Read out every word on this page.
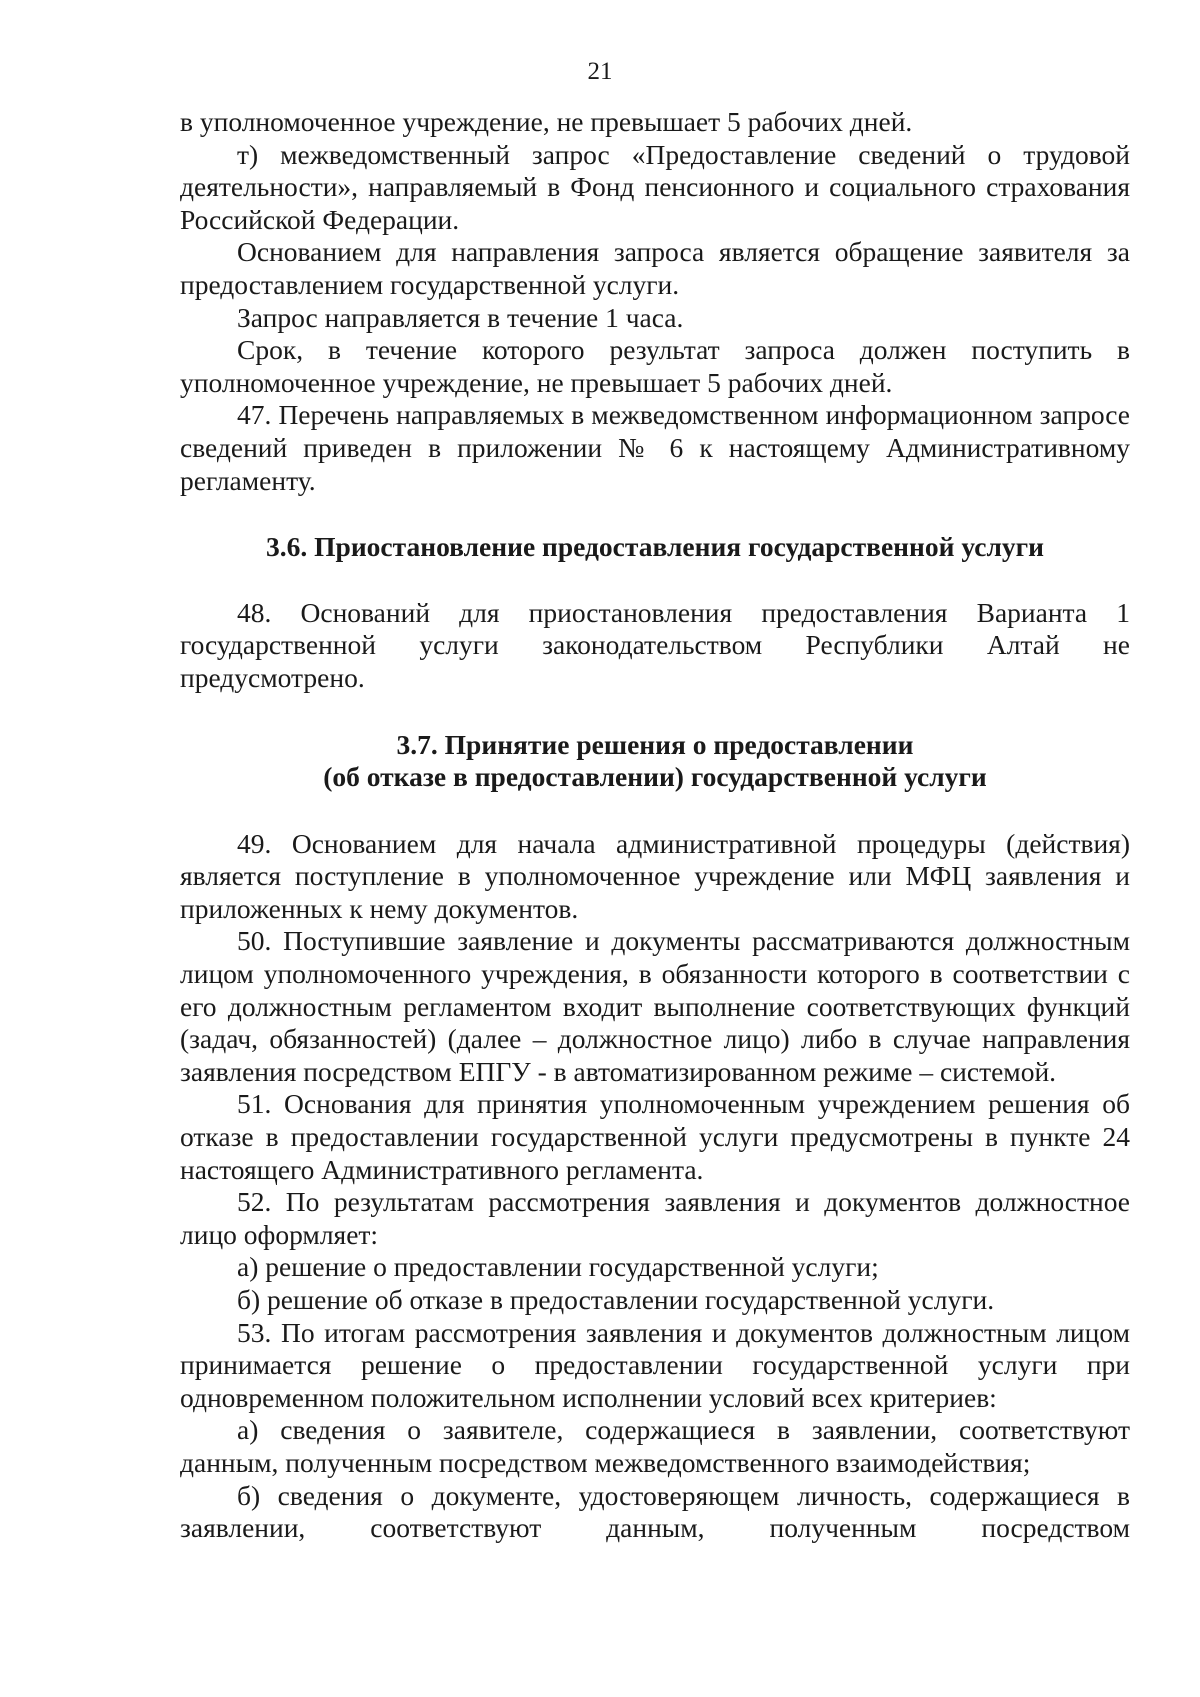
21

в уполномоченное учреждение, не превышает 5 рабочих дней.

т) межведомственный запрос «Предоставление сведений о трудовой деятельности», направляемый в Фонд пенсионного и социального страхования Российской Федерации.

Основанием для направления запроса является обращение заявителя за предоставлением государственной услуги.

Запрос направляется в течение 1 часа.

Срок, в течение которого результат запроса должен поступить в уполномоченное учреждение, не превышает 5 рабочих дней.

47. Перечень направляемых в межведомственном информационном запросе сведений приведен в приложении № 6 к настоящему Административному регламенту.

3.6. Приостановление предоставления государственной услуги

48. Оснований для приостановления предоставления Варианта 1 государственной услуги законодательством Республики Алтай не предусмотрено.

3.7. Принятие решения о предоставлении
(об отказе в предоставлении) государственной услуги

49. Основанием для начала административной процедуры (действия) является поступление в уполномоченное учреждение или МФЦ заявления и приложенных к нему документов.

50. Поступившие заявление и документы рассматриваются должностным лицом уполномоченного учреждения, в обязанности которого в соответствии с его должностным регламентом входит выполнение соответствующих функций (задач, обязанностей) (далее – должностное лицо) либо в случае направления заявления посредством ЕПГУ - в автоматизированном режиме – системой.

51. Основания для принятия уполномоченным учреждением решения об отказе в предоставлении государственной услуги предусмотрены в пункте 24 настоящего Административного регламента.

52. По результатам рассмотрения заявления и документов должностное лицо оформляет:

а) решение о предоставлении государственной услуги;

б) решение об отказе в предоставлении государственной услуги.

53. По итогам рассмотрения заявления и документов должностным лицом принимается решение о предоставлении государственной услуги при одновременном положительном исполнении условий всех критериев:

а) сведения о заявителе, содержащиеся в заявлении, соответствуют данным, полученным посредством межведомственного взаимодействия;

б) сведения о документе, удостоверяющем личность, содержащиеся в заявлении, соответствуют данным, полученным посредством
